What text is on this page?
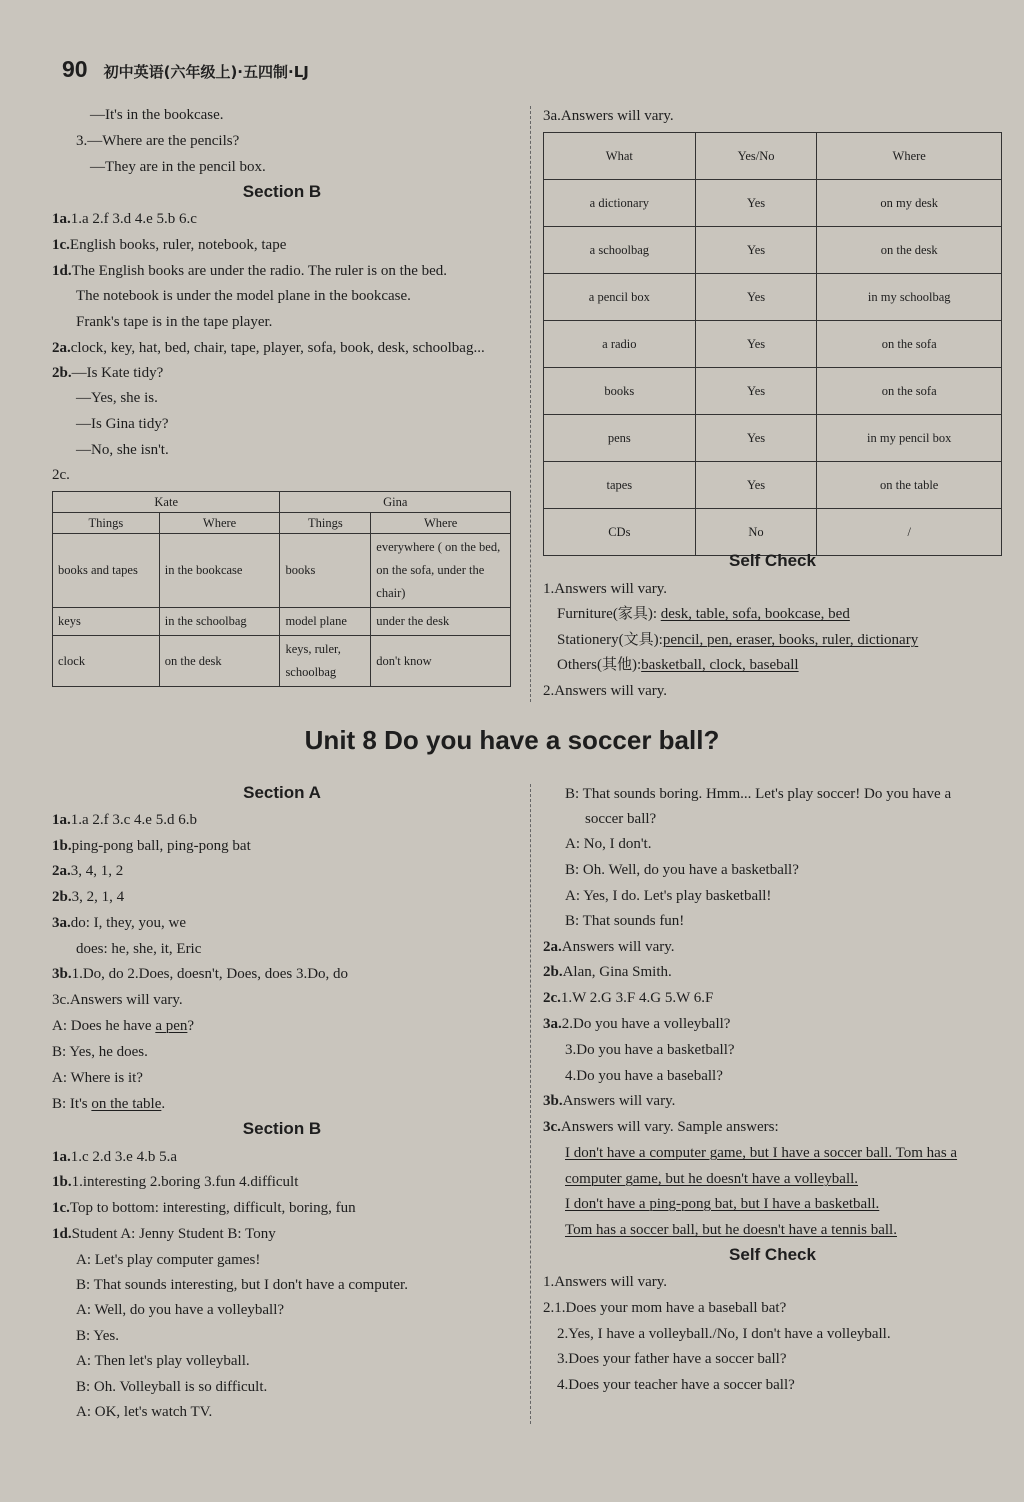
90 初中英语(六年级上)·五四制·LJ
—It's in the bookcase.
3.—Where are the pencils?
—They are in the pencil box.
Section B
1a.1.a 2.f 3.d 4.e 5.b 6.c
1c.English books, ruler, notebook, tape
1d.The English books are under the radio. The ruler is on the bed.
The notebook is under the model plane in the bookcase.
Frank's tape is in the tape player.
2a.clock, key, hat, bed, chair, tape, player, sofa, book, desk, schoolbag...
2b.—Is Kate tidy?
—Yes, she is.
—Is Gina tidy?
—No, she isn't.
2c.
Kate		Gina	
Things	Where	Things	Where
books and tapes	in the bookcase	books	everywhere ( on the bed, on the sofa, under the chair)
keys	in the schoolbag	model plane	under the desk
clock	on the desk	keys, ruler, schoolbag	don't know
3a.Answers will vary.
What	Yes/No	Where
a dictionary	Yes	on my desk
a schoolbag	Yes	on the desk
a pencil box	Yes	in my schoolbag
a radio	Yes	on the sofa
books	Yes	on the sofa
pens	Yes	in my pencil box
tapes	Yes	on the table
CDs	No	/
Self Check
1.Answers will vary.
Furniture(家具): desk, table, sofa, bookcase, bed
Stationery(文具):pencil, pen, eraser, books, ruler, dictionary
Others(其他):basketball, clock, baseball
2.Answers will vary.
Unit 8 Do you have a soccer ball?
Section A
1a.1.a 2.f 3.c 4.e 5.d 6.b
1b.ping-pong ball, ping-pong bat
2a.3, 4, 1, 2
2b.3, 2, 1, 4
3a.do: I, they, you, we
does: he, she, it, Eric
3b.1.Do, do 2.Does, doesn't, Does, does 3.Do, do
3c.Answers will vary.
A: Does he have a pen?
B: Yes, he does.
A: Where is it?
B: It's on the table.
Section B
1a.1.c 2.d 3.e 4.b 5.a
1b.1.interesting 2.boring 3.fun 4.difficult
1c.Top to bottom: interesting, difficult, boring, fun
1d.Student A: Jenny Student B: Tony
A: Let's play computer games!
B: That sounds interesting, but I don't have a computer.
A: Well, do you have a volleyball?
B: Yes.
A: Then let's play volleyball.
B: Oh. Volleyball is so difficult.
A: OK, let's watch TV.
B: That sounds boring. Hmm... Let's play soccer! Do you have a
soccer ball?
A: No, I don't.
B: Oh. Well, do you have a basketball?
A: Yes, I do. Let's play basketball!
B: That sounds fun!
2a.Answers will vary.
2b.Alan, Gina Smith.
2c.1.W 2.G 3.F 4.G 5.W 6.F
3a.2.Do you have a volleyball?
3.Do you have a basketball?
4.Do you have a baseball?
3b.Answers will vary.
3c.Answers will vary. Sample answers:
I don't have a computer game, but I have a soccer ball. Tom has a
computer game, but he doesn't have a volleyball.
I don't have a ping-pong bat, but I have a basketball.
Tom has a soccer ball, but he doesn't have a tennis ball.
Self Check
1.Answers will vary.
2.1.Does your mom have a baseball bat?
2.Yes, I have a volleyball./No, I don't have a volleyball.
3.Does your father have a soccer ball?
4.Does your teacher have a soccer ball?
